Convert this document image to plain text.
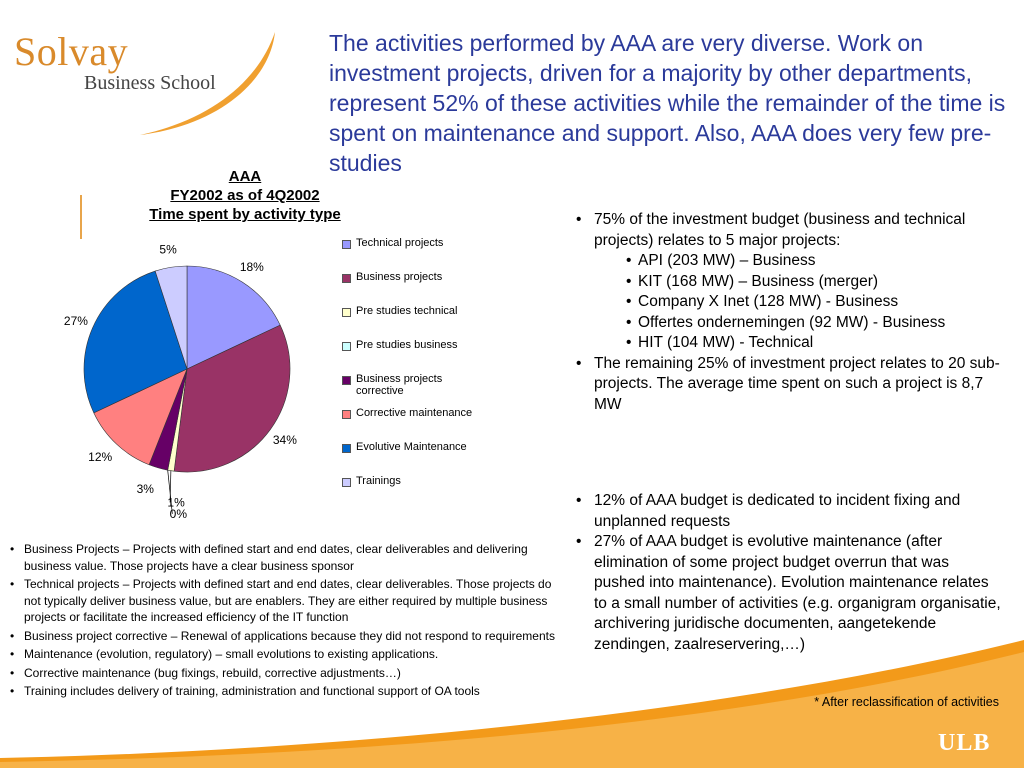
Solvay
Business School
The activities performed by AAA are very diverse. Work on investment projects, driven for a majority by other departments, represent 52% of these activities while the remainder of the time is spent on maintenance and support. Also, AAA does very few pre-studies
AAA
FY2002 as of 4Q2002
Time spent by activity type
18%
34%
1%
0%
3%
12%
27%
5%	Technical projects
Business projects
Pre studies technical
Pre studies business
Business projects corrective
Corrective maintenance
Evolutive Maintenance
Trainings
• 75% of the investment budget (business and technical projects) relates to 5 major projects:
• API (203 MW) – Business
• KIT (168 MW) – Business (merger)
• Company X Inet (128 MW) - Business
• Offertes ondernemingen (92 MW) - Business
• HIT (104 MW) - Technical
• The remaining 25% of investment project relates to 20 sub-projects. The average time spent on such a project is 8,7 MW
• 12% of AAA budget is dedicated to incident fixing and unplanned requests
• 27% of AAA budget is evolutive maintenance (after elimination of some project budget overrun that was pushed into maintenance). Evolution maintenance relates to a small number of activities (e.g. organigram organisatie, archivering juridische documenten, aangetekende zendingen, zaalreservering,…)
• Business Projects – Projects with defined start and end dates, clear deliverables and delivering business value. Those projects have a clear business sponsor
• Technical projects – Projects with defined start and end dates, clear deliverables. Those projects do not typically deliver business value, but are enablers. They are either required by multiple business projects or facilitate the increased efficiency of the IT function
• Business project corrective – Renewal of applications because they did not respond to requirements
• Maintenance (evolution, regulatory) – small evolutions to existing applications.
• Corrective maintenance (bug fixings, rebuild, corrective adjustments…)
• Training includes delivery of training, administration and functional support of OA tools
* After reclassification of activities
ULB
